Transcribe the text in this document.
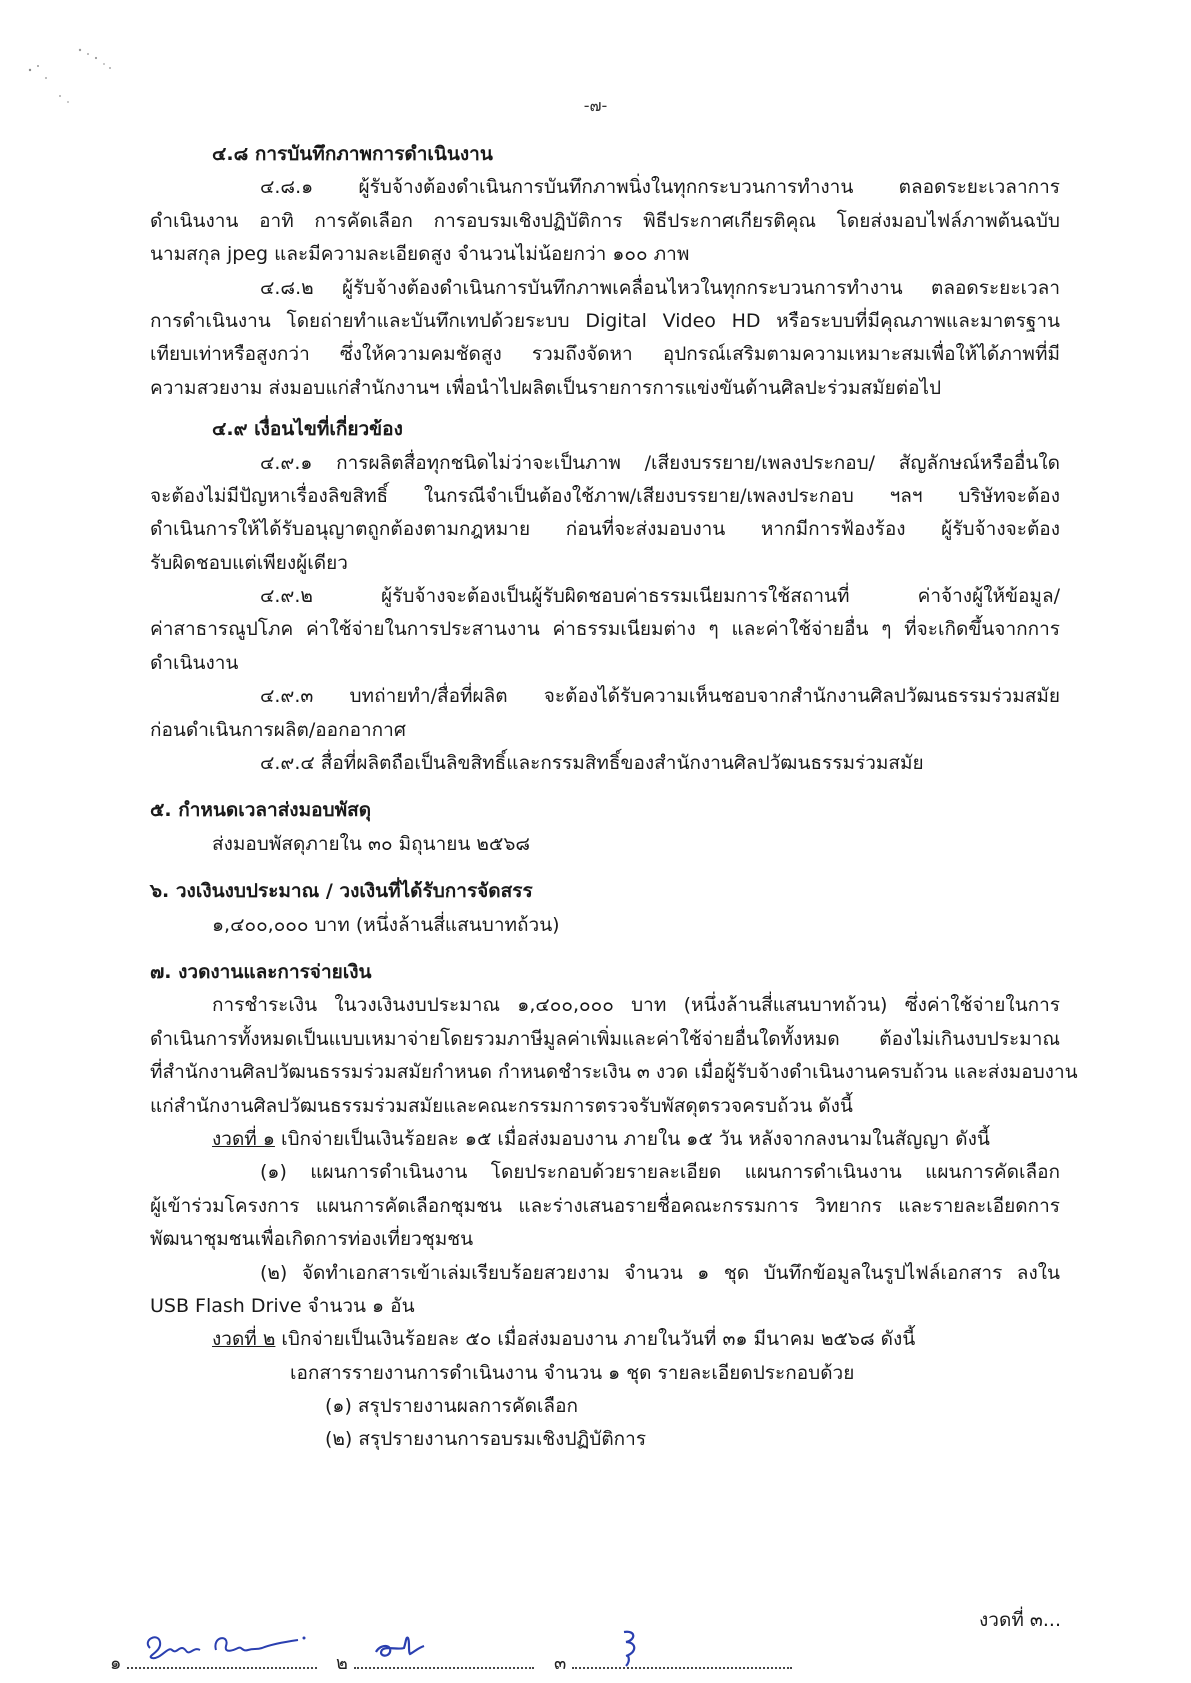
-๗-
๔.๘ การบันทึกภาพการดำเนินงาน
๔.๘.๑ ผู้รับจ้างต้องดำเนินการบันทึกภาพนิ่งในทุกกระบวนการทำงาน ตลอดระยะเวลาการ
ดำเนินงาน อาทิ การคัดเลือก การอบรมเชิงปฏิบัติการ พิธีประกาศเกียรติคุณ โดยส่งมอบไฟล์ภาพต้นฉบับ
นามสกุล jpeg และมีความละเอียดสูง จำนวนไม่น้อยกว่า ๑๐๐ ภาพ
๔.๘.๒ ผู้รับจ้างต้องดำเนินการบันทึกภาพเคลื่อนไหวในทุกกระบวนการทำงาน ตลอดระยะเวลา
การดำเนินงาน โดยถ่ายทำและบันทึกเทปด้วยระบบ Digital Video HD หรือระบบที่มีคุณภาพและมาตรฐาน
เทียบเท่าหรือสูงกว่า ซึ่งให้ความคมชัดสูง รวมถึงจัดหา อุปกรณ์เสริมตามความเหมาะสมเพื่อให้ได้ภาพที่มี
ความสวยงาม ส่งมอบแก่สำนักงานฯ เพื่อนำไปผลิตเป็นรายการการแข่งขันด้านศิลปะร่วมสมัยต่อไป
๔.๙ เงื่อนไขที่เกี่ยวข้อง
๔.๙.๑ การผลิตสื่อทุกชนิดไม่ว่าจะเป็นภาพ /เสียงบรรยาย/เพลงประกอบ/ สัญลักษณ์หรืออื่นใด
จะต้องไม่มีปัญหาเรื่องลิขสิทธิ์ ในกรณีจำเป็นต้องใช้ภาพ/เสียงบรรยาย/เพลงประกอบ ฯลฯ บริษัทจะต้อง
ดำเนินการให้ได้รับอนุญาตถูกต้องตามกฎหมาย ก่อนที่จะส่งมอบงาน หากมีการฟ้องร้อง ผู้รับจ้างจะต้อง
รับผิดชอบแต่เพียงผู้เดียว
๔.๙.๒ ผู้รับจ้างจะต้องเป็นผู้รับผิดชอบค่าธรรมเนียมการใช้สถานที่ ค่าจ้างผู้ให้ข้อมูล/
ค่าสาธารณูปโภค ค่าใช้จ่ายในการประสานงาน ค่าธรรมเนียมต่าง ๆ และค่าใช้จ่ายอื่น ๆ ที่จะเกิดขึ้นจากการ
ดำเนินงาน
๔.๙.๓ บทถ่ายทำ/สื่อที่ผลิต จะต้องได้รับความเห็นชอบจากสำนักงานศิลปวัฒนธรรมร่วมสมัย
ก่อนดำเนินการผลิต/ออกอากาศ
๔.๙.๔ สื่อที่ผลิตถือเป็นลิขสิทธิ์และกรรมสิทธิ์ของสำนักงานศิลปวัฒนธรรมร่วมสมัย
๕. กำหนดเวลาส่งมอบพัสดุ
ส่งมอบพัสดุภายใน ๓๐ มิถุนายน ๒๕๖๘
๖. วงเงินงบประมาณ / วงเงินที่ได้รับการจัดสรร
๑,๔๐๐,๐๐๐ บาท (หนึ่งล้านสี่แสนบาทถ้วน)
๗. งวดงานและการจ่ายเงิน
การชำระเงิน ในวงเงินงบประมาณ ๑,๔๐๐,๐๐๐ บาท (หนึ่งล้านสี่แสนบาทถ้วน) ซึ่งค่าใช้จ่ายในการ
ดำเนินการทั้งหมดเป็นแบบเหมาจ่ายโดยรวมภาษีมูลค่าเพิ่มและค่าใช้จ่ายอื่นใดทั้งหมด ต้องไม่เกินงบประมาณ
ที่สำนักงานศิลปวัฒนธรรมร่วมสมัยกำหนด กำหนดชำระเงิน ๓ งวด เมื่อผู้รับจ้างดำเนินงานครบถ้วน และส่งมอบงาน
แก่สำนักงานศิลปวัฒนธรรมร่วมสมัยและคณะกรรมการตรวจรับพัสดุตรวจครบถ้วน ดังนี้
งวดที่ ๑ เบิกจ่ายเป็นเงินร้อยละ ๑๕ เมื่อส่งมอบงาน ภายใน ๑๕ วัน หลังจากลงนามในสัญญา ดังนี้
(๑) แผนการดำเนินงาน โดยประกอบด้วยรายละเอียด แผนการดำเนินงาน แผนการคัดเลือก
ผู้เข้าร่วมโครงการ แผนการคัดเลือกชุมชน และร่างเสนอรายชื่อคณะกรรมการ วิทยากร และรายละเอียดการ
พัฒนาชุมชนเพื่อเกิดการท่องเที่ยวชุมชน
(๒) จัดทำเอกสารเข้าเล่มเรียบร้อยสวยงาม จำนวน ๑ ชุด บันทึกข้อมูลในรูปไฟล์เอกสาร ลงใน
USB Flash Drive จำนวน ๑ อัน
งวดที่ ๒ เบิกจ่ายเป็นเงินร้อยละ ๕๐ เมื่อส่งมอบงาน ภายในวันที่ ๓๑ มีนาคม ๒๕๖๘ ดังนี้
เอกสารรายงานการดำเนินงาน จำนวน ๑ ชุด รายละเอียดประกอบด้วย
(๑) สรุปรายงานผลการคัดเลือก
(๒) สรุปรายงานการอบรมเชิงปฏิบัติการ
งวดที่ ๓...
๑	๒	๓
